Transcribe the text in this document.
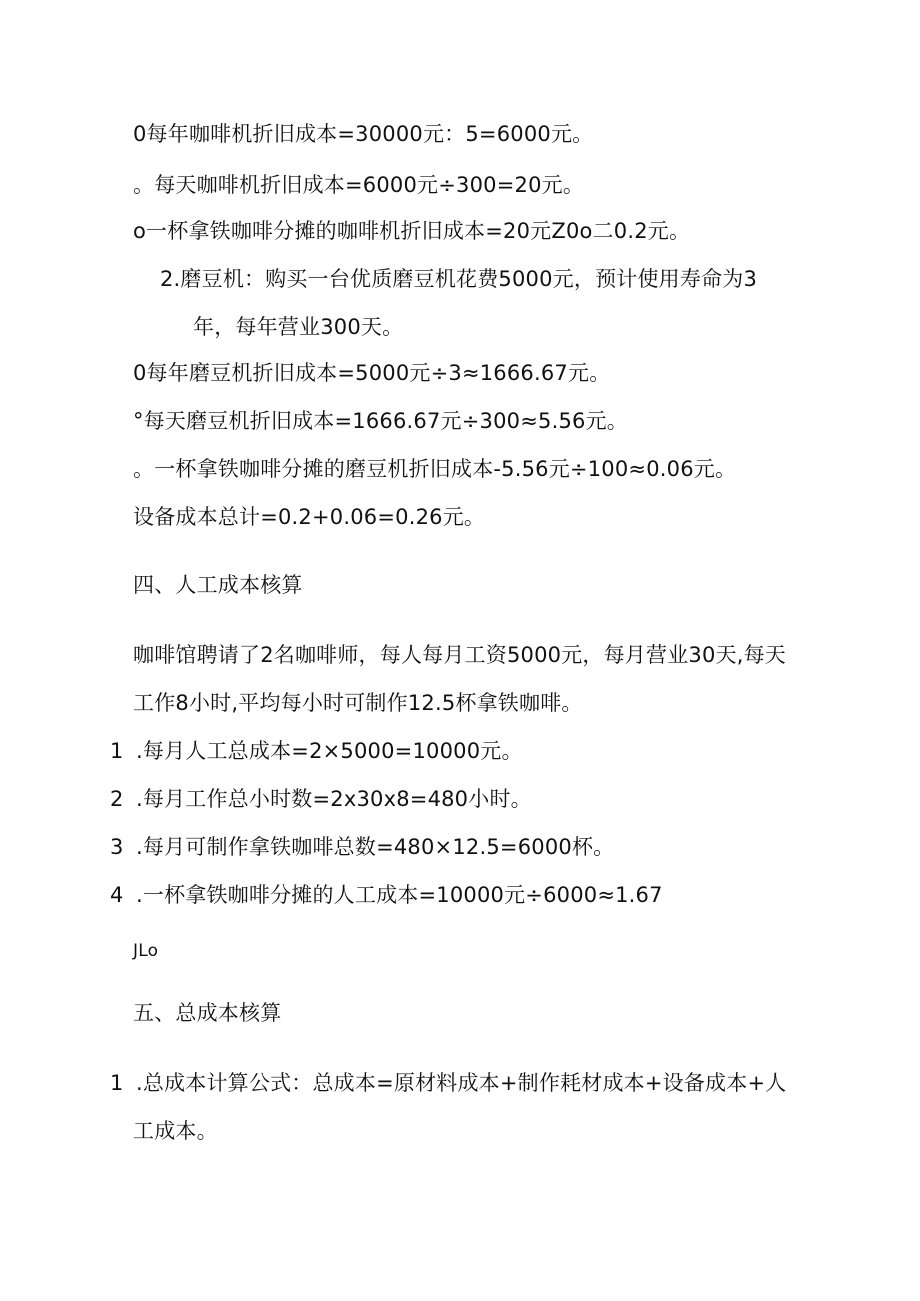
0每年咖啡机折旧成本=30000元：5=6000元。
。每天咖啡机折旧成本=6000元÷300=20元。
o一杯拿铁咖啡分摊的咖啡机折旧成本=20元Z0o二0.2元。
2.磨豆机：购买一台优质磨豆机花费5000元，预计使用寿命为3
年，每年营业300天。
0每年磨豆机折旧成本=5000元÷3≈1666.67元。
°每天磨豆机折旧成本=1666.67元÷300≈5.56元。
。一杯拿铁咖啡分摊的磨豆机折旧成本-5.56元÷100≈0.06元。
设备成本总计=0.2+0.06=0.26元。
四、人工成本核算
咖啡馆聘请了2名咖啡师，每人每月工资5000元，每月营业30天,每天
工作8小时,平均每小时可制作12.5杯拿铁咖啡。
1 .每月人工总成本=2×5000=10000元。
2 .每月工作总小时数=2x30x8=480小时。
3 .每月可制作拿铁咖啡总数=480×12.5=6000杯。
4 .一杯拿铁咖啡分摊的人工成本=10000元÷6000≈1.67
JLo
五、总成本核算
1 .总成本计算公式：总成本=原材料成本+制作耗材成本+设备成本+人
工成本。
